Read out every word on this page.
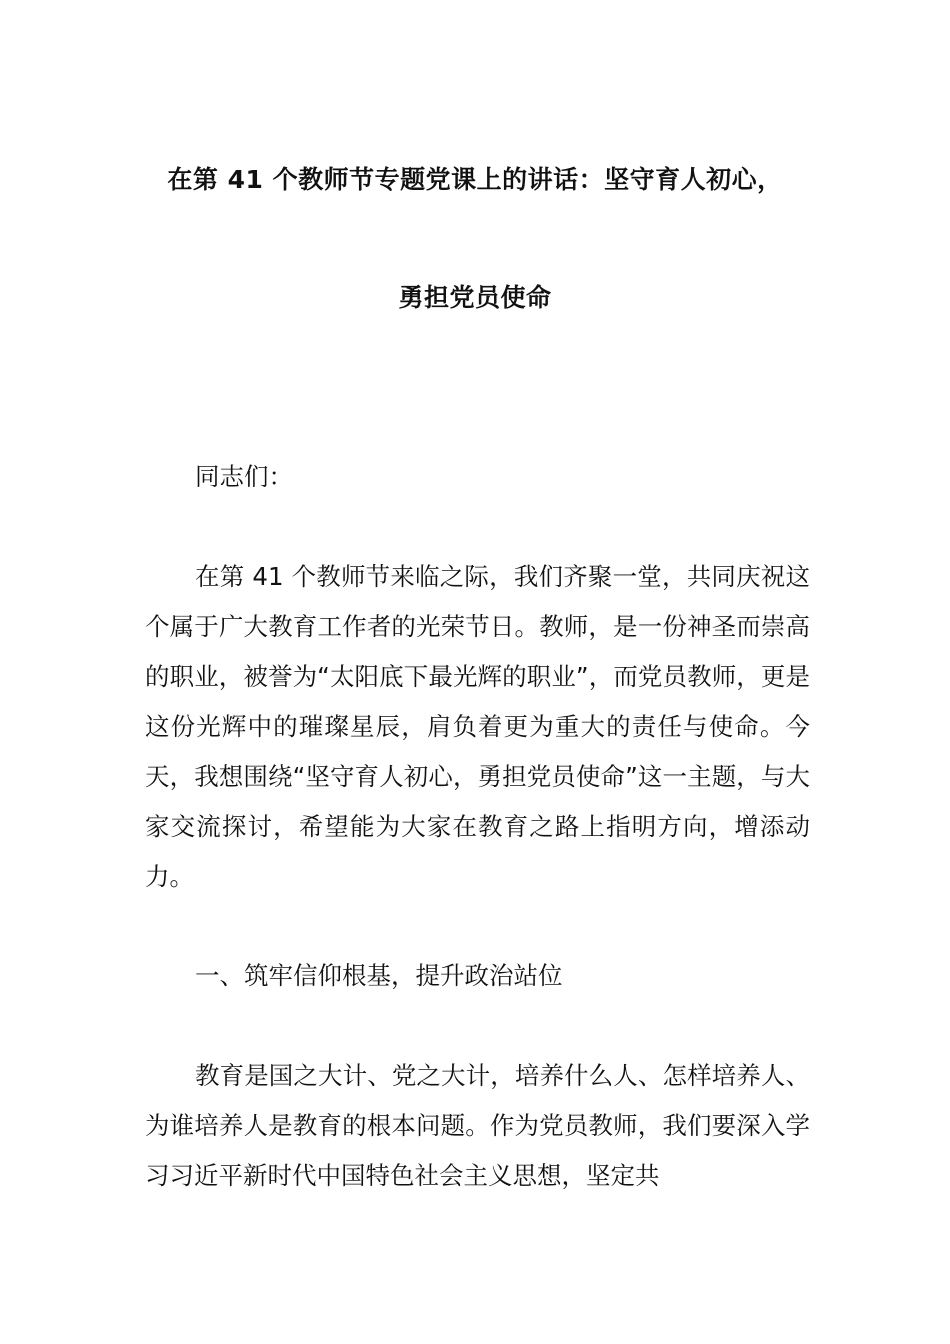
在第 41 个教师节专题党课上的讲话：坚守育人初心，
勇担党员使命
同志们：
在第 41 个教师节来临之际，我们齐聚一堂，共同庆祝这个属于广大教育工作者的光荣节日。教师，是一份神圣而崇高的职业，被誉为“太阳底下最光辉的职业”，而党员教师，更是这份光辉中的璀璨星辰，肩负着更为重大的责任与使命。今天，我想围绕“坚守育人初心，勇担党员使命”这一主题，与大家交流探讨，希望能为大家在教育之路上指明方向，增添动力。
一、筑牢信仰根基，提升政治站位
教育是国之大计、党之大计，培养什么人、怎样培养人、为谁培养人是教育的根本问题。作为党员教师，我们要深入学习习近平新时代中国特色社会主义思想，坚定共
